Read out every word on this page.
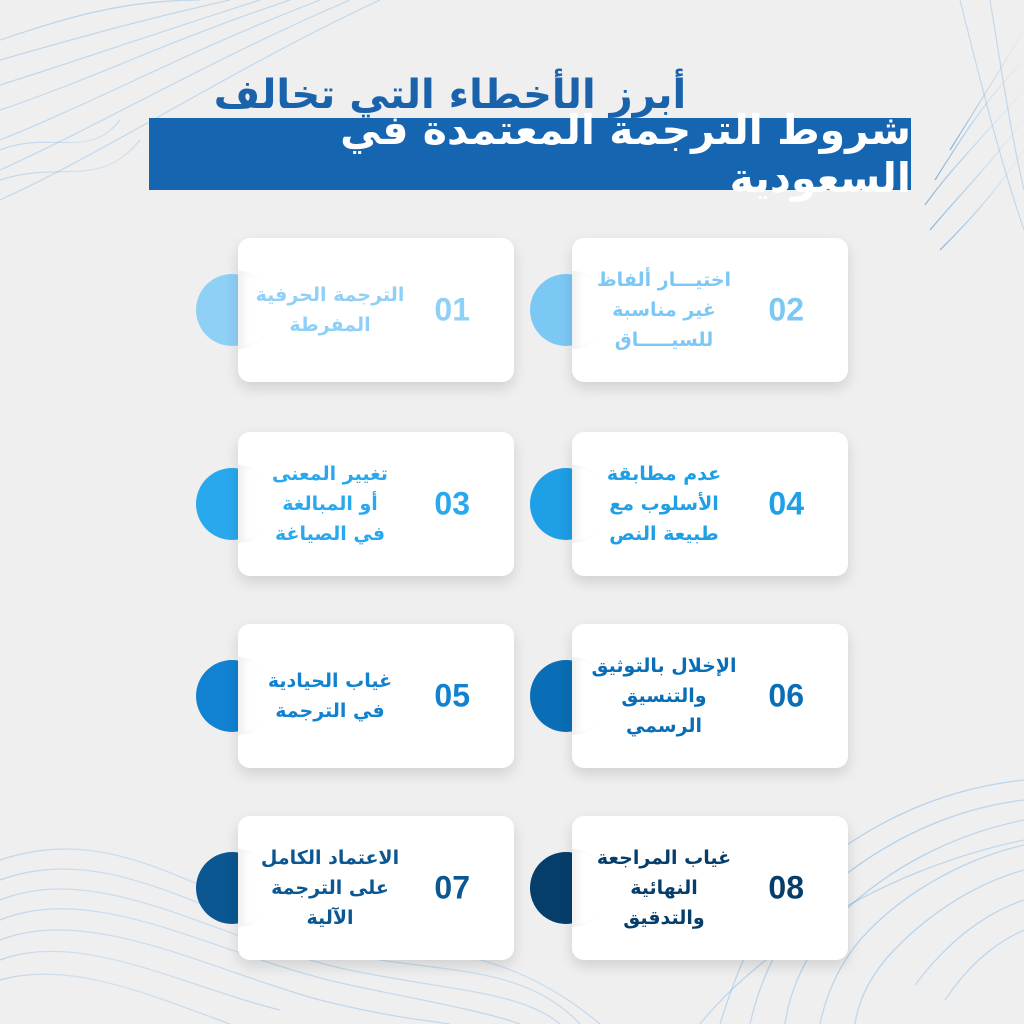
أبرز الأخطاء التي تخالف
شروط الترجمة المعتمدة في السعودية
01
الترجمة الحرفية
المفرطة	02
اختيـــار ألفاظ
غير مناسبة
للسيـــــاق
03
تغيير المعنى
أو المبالغة
في الصياغة
04
عدم مطابقة
الأسلوب مع
طبيعة النص
05
غياب الحيادية
في الترجمة	06
الإخلال بالتوثيق
والتنسيق
الرسمي
07
الاعتماد الكامل
على الترجمة
الآلية
08
غياب المراجعة
النهائية
والتدقيق
